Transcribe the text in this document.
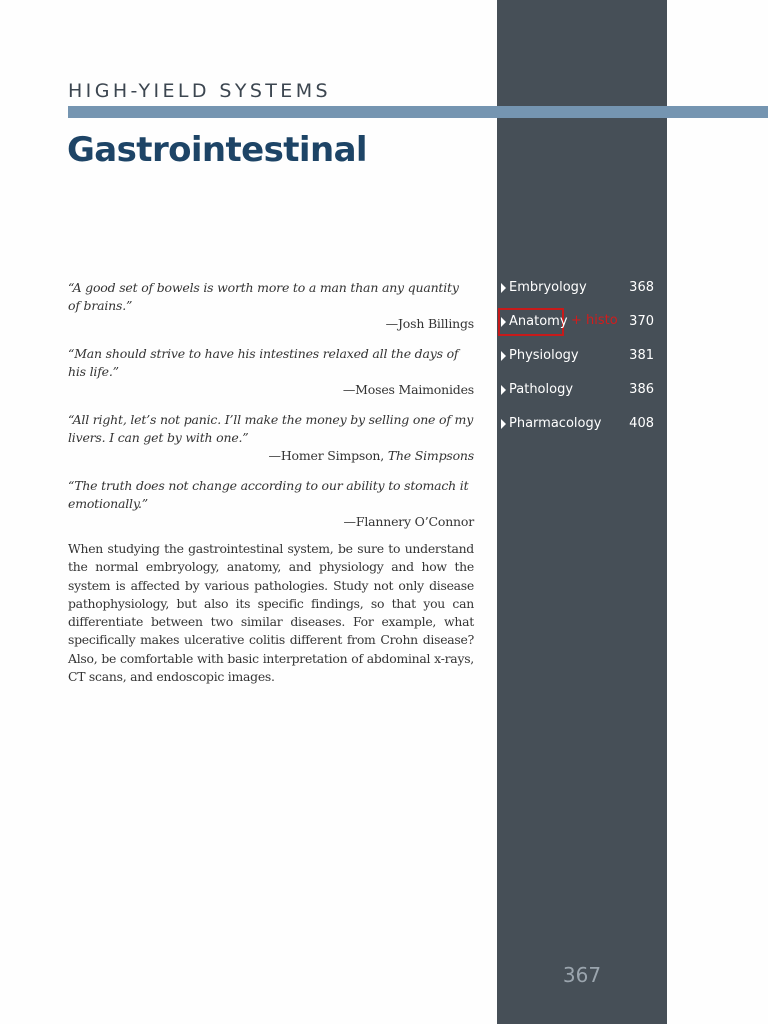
HIGH-YIELD SYSTEMS
Gastrointestinal

“A good set of bowels is worth more to a man than any quantity of brains.”

—Josh Billings

“Man should strive to have his intestines relaxed all the days of his life.”

—Moses Maimonides

“All right, let’s not panic. I’ll make the money by selling one of my livers. I can get by with one.”

—Homer Simpson, The Simpsons

“The truth does not change according to our ability to stomach it emotionally.”

—Flannery O’Connor

When studying the gastrointestinal system, be sure to understand the normal embryology, anatomy, and physiology and how the system is affected by various pathologies. Study not only disease pathophysiology, but also its specific findings, so that you can differentiate between two similar diseases. For example, what specifically makes ulcerative colitis different from Crohn disease? Also, be comfortable with basic interpretation of abdominal x-rays, CT scans, and endoscopic images.

Embryology	368
Anatomy + histo 370
Physiology	381
Pathology	386
Pharmacology 408
367
